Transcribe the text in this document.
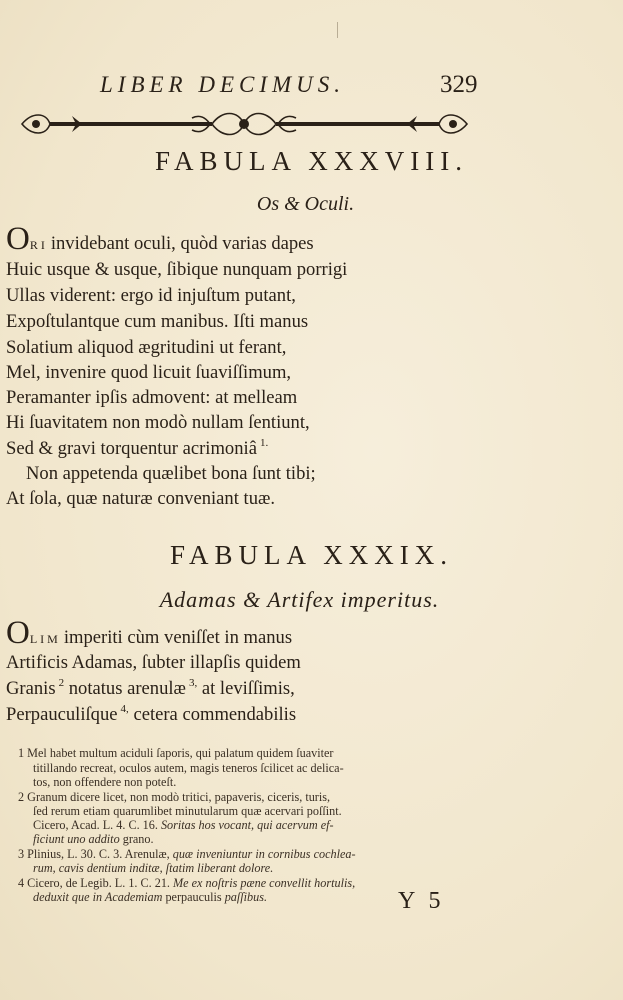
LIBER DECIMUS.	329
FABULA XXXVIII.
Os & Oculi.
ORI invidebant oculi, quòd varias dapes
Huic usque & usque, ſibique nunquam porrigi
Ullas viderent: ergo id injuſtum putant,
Expoſtulantque cum manibus. Iſti manus
Solatium aliquod ægritudini ut ferant,
Mel, invenire quod licuit ſuaviſſimum,
Peramanter ipſis admovent: at melleam
Hi ſuavitatem non modò nullam ſentiunt,
Sed & gravi torquentur acrimoniâ $^{1.}$
Non appetenda quælibet bona ſunt tibi;
At ſola, quæ naturæ conveniant tuæ.
FABULA XXXIX.
Adamas & Artifex imperitus.
OLIM imperiti cùm veniſſet in manus
Artificis Adamas, ſubter illapſis quidem
Granis $^2$ notatus arenulæ $^{3,}$ at leviſſimis,
Perpauculiſque $^{4,}$ cetera commendabilis
1 Mel habet multum aciduli ſaporis, qui palatum quidem ſuaviter
titillando recreat, oculos autem, magis teneros ſcilicet ac delica-
tos, non offendere non poteſt.
2 Granum dicere licet, non modò tritici, papaveris, ciceris, turis,
ſed rerum etiam quarumlibet minutularum quæ acervari poſſint.
Cicero, Acad. L. 4. C. 16. Soritas hos vocant, qui acervum ef-
ficiunt uno addito grano.
3 Plinius, L. 30. C. 3. Arenulæ, quæ inveniuntur in cornibus cochlea-
rum, cavis dentium inditæ, ſtatim liberant dolore.
4 Cicero, de Legib. L. 1. C. 21. Me ex noſtris pæne convellit hortulis,
deduxit que in Academiam perpauculis paſſibus.	Y 5
